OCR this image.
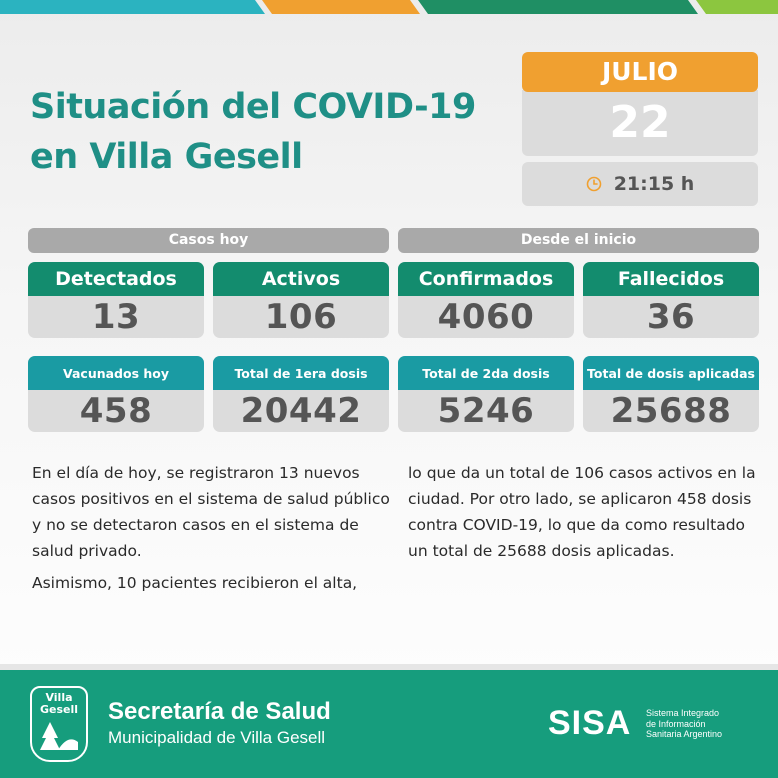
Situación del COVID-19
en Villa Gesell
22
JULIO
21:15 h
Casos hoy	Desde el inicio
Detectados
13
Activos
106
Confirmados
4060
Fallecidos
36
Vacunados hoy
458
Total de 1era dosis
20442
Total de 2da dosis
5246
Total de dosis aplicadas
25688

En el día de hoy, se registraron 13 nuevos casos positivos en el sistema de salud público y no se detectaron casos en el sistema de salud privado.

Asimismo, 10 pacientes recibieron el alta,

lo que da un total de 106 casos activos en la ciudad. Por otro lado, se aplicaron 458 dosis contra COVID-19, lo que da como resultado un total de 25688 dosis aplicadas.

Villa
Gesell	Secretaría de Salud
Municipalidad de Villa Gesell	SISA Sistema Integrado
de Información
Sanitaria Argentino
